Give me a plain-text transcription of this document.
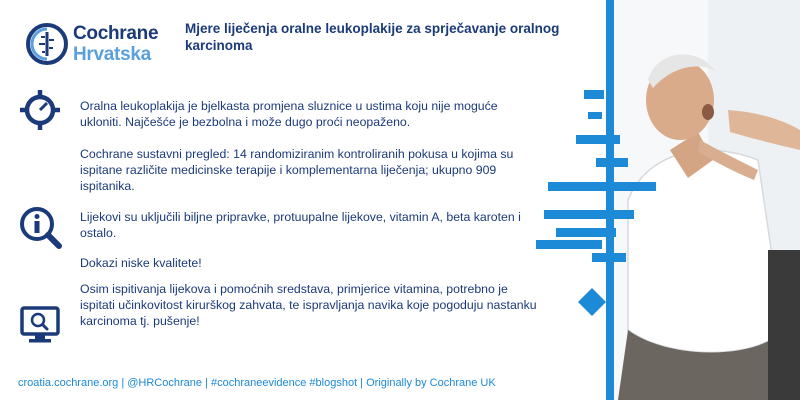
Cochrane
Hrvatska
Mjere liječenja oralne leukoplakije za sprječavanje oralnog karcinoma
Oralna leukoplakija je bjelkasta promjena sluznice u ustima koju nije moguće ukloniti. Najčešće je bezbolna i može dugo proći neopaženo.
Cochrane sustavni pregled: 14 randomiziranim kontroliranih pokusa u kojima su ispitane različite medicinske terapije i komplementarna liječenja; ukupno 909 ispitanika.
Lijekovi su uključili biljne pripravke, protuupalne lijekove, vitamin A, beta karoten i ostalo.
Dokazi niske kvalitete!
Osim ispitivanja lijekova i pomoćnih sredstava, primjerice vitamina, potrebno je ispitati učinkovitost kirurškog zahvata, te ispravljanja navika koje pogoduju nastanku karcinoma tj. pušenje!
croatia.cochrane.org | @HRCochrane | #cochraneevidence #blogshot | Originally by Cochrane UK
